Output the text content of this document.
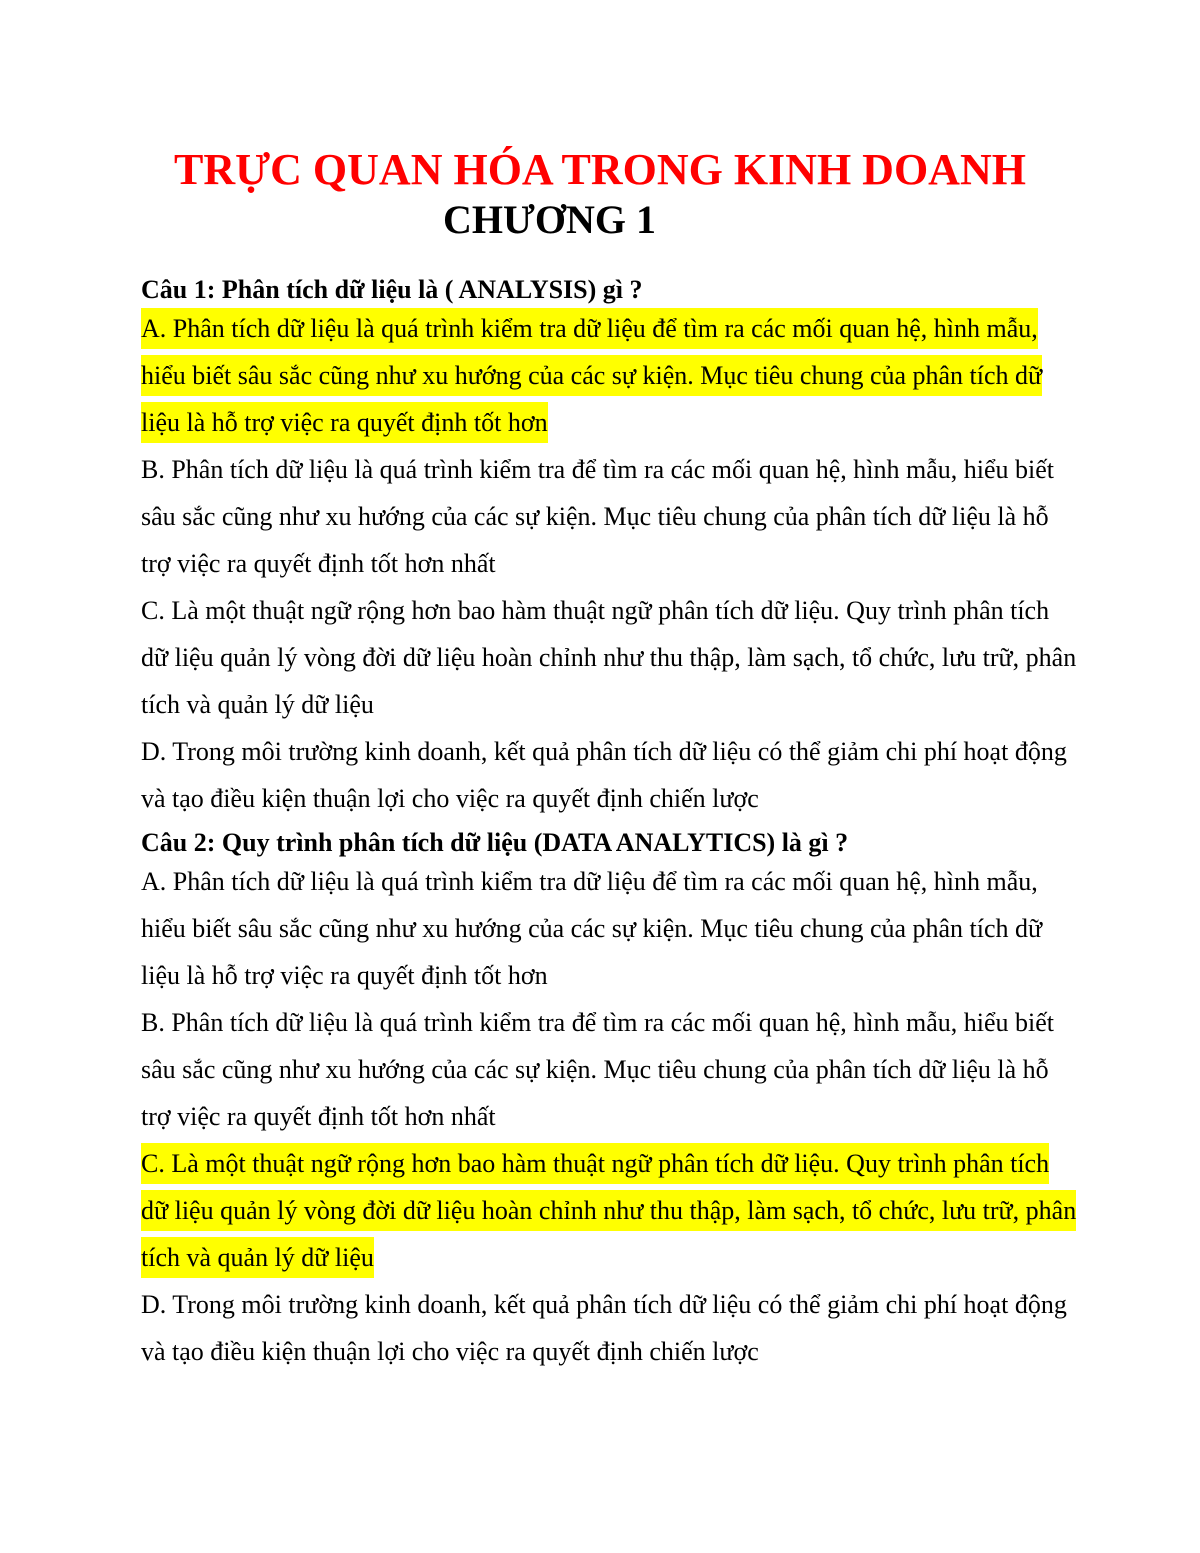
TRỰC QUAN HÓA TRONG KINH DOANH
CHƯƠNG 1

Câu 1: Phân tích dữ liệu là ( ANALYSIS) gì ?

A. Phân tích dữ liệu là quá trình kiểm tra dữ liệu để tìm ra các mối quan hệ, hình mẫu, hiểu biết sâu sắc cũng như xu hướng của các sự kiện. Mục tiêu chung của phân tích dữ liệu là hỗ trợ việc ra quyết định tốt hơn

B. Phân tích dữ liệu là quá trình kiểm tra để tìm ra các mối quan hệ, hình mẫu, hiểu biết sâu sắc cũng như xu hướng của các sự kiện. Mục tiêu chung của phân tích dữ liệu là hỗ trợ việc ra quyết định tốt hơn nhất

C. Là một thuật ngữ rộng hơn bao hàm thuật ngữ phân tích dữ liệu. Quy trình phân tích dữ liệu quản lý vòng đời dữ liệu hoàn chỉnh như thu thập, làm sạch, tổ chức, lưu trữ, phân tích và quản lý dữ liệu

D. Trong môi trường kinh doanh, kết quả phân tích dữ liệu có thể giảm chi phí hoạt động và tạo điều kiện thuận lợi cho việc ra quyết định chiến lược

Câu 2: Quy trình phân tích dữ liệu (DATA ANALYTICS) là gì ?

A. Phân tích dữ liệu là quá trình kiểm tra dữ liệu để tìm ra các mối quan hệ, hình mẫu, hiểu biết sâu sắc cũng như xu hướng của các sự kiện. Mục tiêu chung của phân tích dữ liệu là hỗ trợ việc ra quyết định tốt hơn

B. Phân tích dữ liệu là quá trình kiểm tra để tìm ra các mối quan hệ, hình mẫu, hiểu biết sâu sắc cũng như xu hướng của các sự kiện. Mục tiêu chung của phân tích dữ liệu là hỗ trợ việc ra quyết định tốt hơn nhất

C. Là một thuật ngữ rộng hơn bao hàm thuật ngữ phân tích dữ liệu. Quy trình phân tích dữ liệu quản lý vòng đời dữ liệu hoàn chỉnh như thu thập, làm sạch, tổ chức, lưu trữ, phân tích và quản lý dữ liệu

D. Trong môi trường kinh doanh, kết quả phân tích dữ liệu có thể giảm chi phí hoạt động và tạo điều kiện thuận lợi cho việc ra quyết định chiến lược
